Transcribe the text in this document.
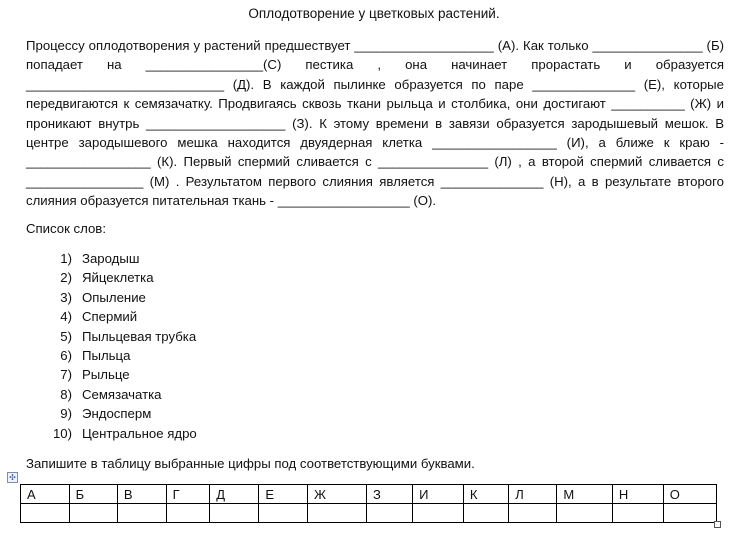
Оплодотворение у цветковых растений.
Процессу оплодотворения у растений предшествует ___________________ (А). Как только _______________ (Б) попадает на ________________(С) пестика , она начинает прорастать и образуется ___________________________ (Д). В каждой пылинке образуется по паре ______________ (Е), которые передвигаются к семязачатку. Продвигаясь сквозь ткани рыльца и столбика, они достигают __________ (Ж) и проникают внутрь ___________________ (З). К этому времени в завязи образуется зародышевый мешок. В центре зародышевого мешка находится двуядерная клетка _________________ (И), а ближе к краю - _________________ (К). Первый спермий сливается с _______________ (Л) , а второй спермий сливается с ________________ (М) . Результатом первого слияния является ______________ (Н), а в результате второго слияния образуется питательная ткань - __________________ (О).
Список слов:
1) Зародыш
2) Яйцеклетка
3) Опыление
4) Спермий
5) Пыльцевая трубка
6) Пыльца
7) Рыльце
8) Семязачатка
9) Эндосперм
10) Центральное ядро
Запишите в таблицу выбранные цифры под соответствующими буквами.
✣
А	Б	В	Г	Д	Е	Ж	З	И	К	Л	М	Н	О
